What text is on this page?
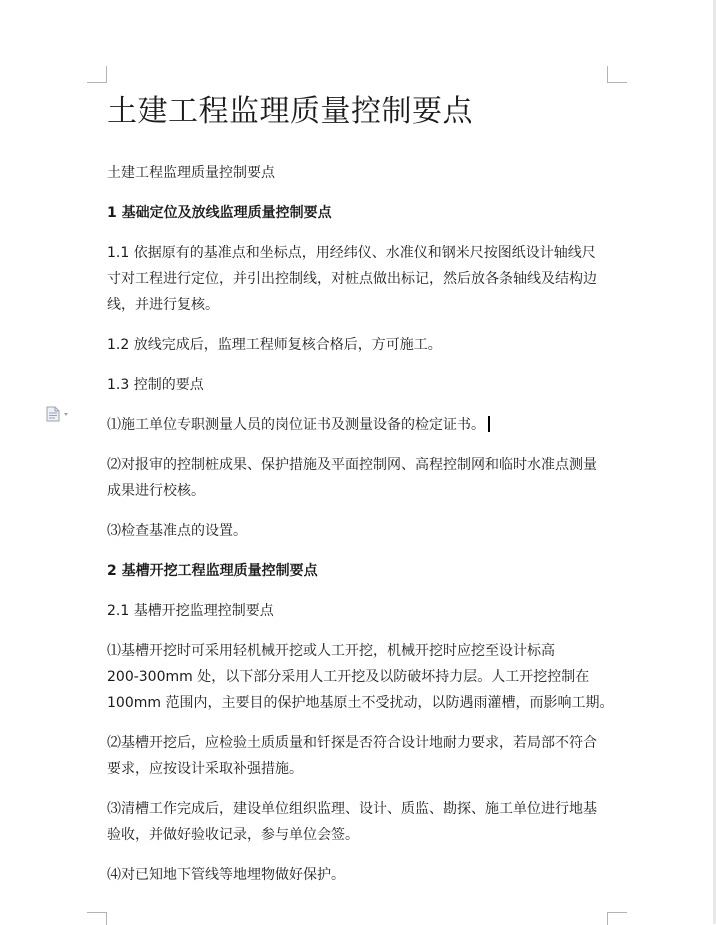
土建工程监理质量控制要点

土建工程监理质量控制要点

1 基础定位及放线监理质量控制要点

1.1 依据原有的基准点和坐标点，用经纬仪、水准仪和钢米尺按图纸设计轴线尺

寸对工程进行定位，并引出控制线，对桩点做出标记，然后放各条轴线及结构边

线，并进行复核。

1.2 放线完成后，监理工程师复核合格后，方可施工。

1.3 控制的要点

⑴施工单位专职测量人员的岗位证书及测量设备的检定证书。

⑵对报审的控制桩成果、保护措施及平面控制网、高程控制网和临时水准点测量

成果进行校核。

⑶检查基准点的设置。

2 基槽开挖工程监理质量控制要点

2.1 基槽开挖监理控制要点

⑴基槽开挖时可采用轻机械开挖或人工开挖，机械开挖时应挖至设计标高

200-300mm 处，以下部分采用人工开挖及以防破坏持力层。人工开挖控制在

100mm 范围内，主要目的保护地基原土不受扰动，以防遇雨灌槽，而影响工期。

⑵基槽开挖后，应检验土质质量和钎探是否符合设计地耐力要求，若局部不符合

要求，应按设计采取补强措施。

⑶清槽工作完成后，建设单位组织监理、设计、质监、勘探、施工单位进行地基

验收，并做好验收记录，参与单位会签。

⑷对已知地下管线等地埋物做好保护。
